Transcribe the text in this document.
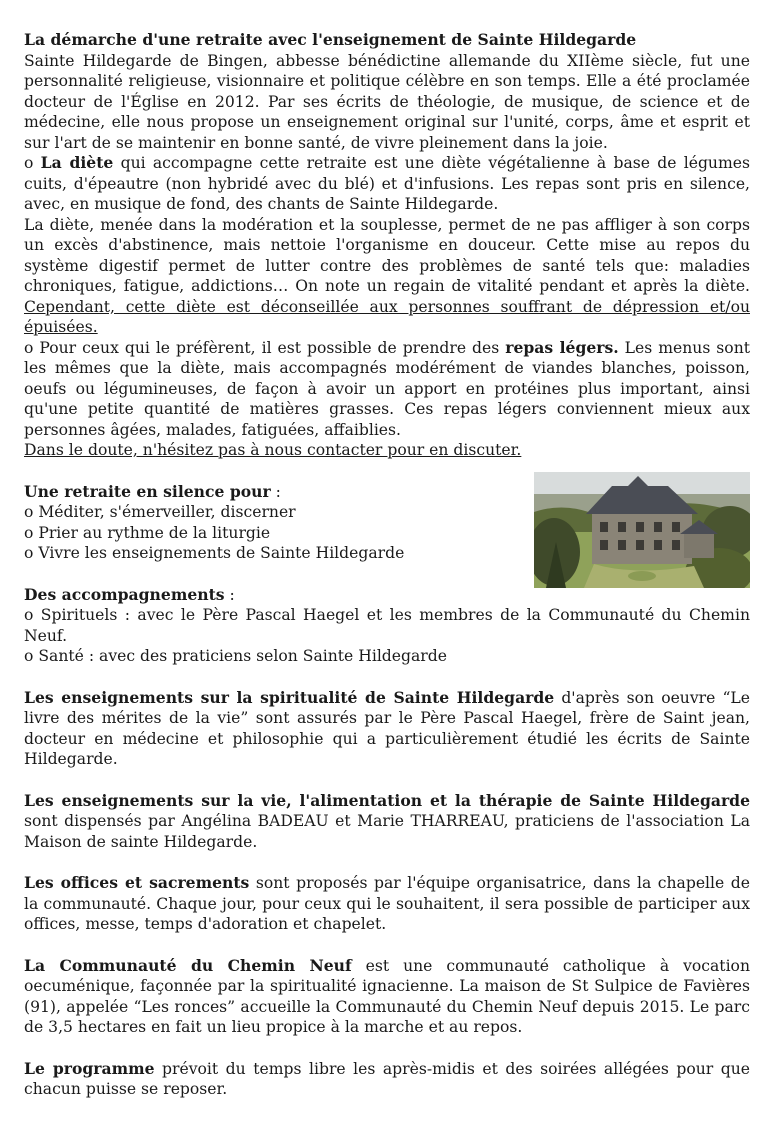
La démarche d'une retraite avec l'enseignement de Sainte Hildegarde

Sainte Hildegarde de Bingen, abbesse bénédictine allemande du XIIème siècle, fut une personnalité religieuse, visionnaire et politique célèbre en son temps. Elle a été proclamée docteur de l'Église en 2012. Par ses écrits de théologie, de musique, de science et de médecine, elle nous propose un enseignement original sur l'unité, corps, âme et esprit et sur l'art de se maintenir en bonne santé, de vivre pleinement dans la joie.

o La diète qui accompagne cette retraite est une diète végétalienne à base de légumes cuits, d'épeautre (non hybridé avec du blé) et d'infusions. Les repas sont pris en silence, avec, en musique de fond, des chants de Sainte Hildegarde.

La diète, menée dans la modération et la souplesse, permet de ne pas affliger à son corps un excès d'abstinence, mais nettoie l'organisme en douceur. Cette mise au repos du système digestif permet de lutter contre des problèmes de santé tels que: maladies chroniques, fatigue, addictions… On note un regain de vitalité pendant et après la diète. Cependant, cette diète est déconseillée aux personnes souffrant de dépression et/ou épuisées.

o Pour ceux qui le préfèrent, il est possible de prendre des repas légers. Les menus sont les mêmes que la diète, mais accompagnés modérément de viandes blanches, poisson, oeufs ou légumineuses, de façon à avoir un apport en protéines plus important, ainsi qu'une petite quantité de matières grasses. Ces repas légers conviennent mieux aux personnes âgées, malades, fatiguées, affaiblies.

Dans le doute, n'hésitez pas à nous contacter pour en discuter.

Une retraite en silence pour :

o Méditer, s'émerveiller, discerner

o Prier au rythme de la liturgie

o Vivre les enseignements de Sainte Hildegarde

Des accompagnements :

o Spirituels : avec le Père Pascal Haegel et les membres de la Communauté du Chemin Neuf.

o Santé : avec des praticiens selon Sainte Hildegarde

Les enseignements sur la spiritualité de Sainte Hildegarde d'après son oeuvre “Le livre des mérites de la vie” sont assurés par le Père Pascal Haegel, frère de Saint jean, docteur en médecine et philosophie qui a particulièrement étudié les écrits de Sainte Hildegarde.

Les enseignements sur la vie, l'alimentation et la thérapie de Sainte Hildegarde sont dispensés par Angélina BADEAU et Marie THARREAU, praticiens de l'association La Maison de sainte Hildegarde.

Les offices et sacrements sont proposés par l'équipe organisatrice, dans la chapelle de la communauté. Chaque jour, pour ceux qui le souhaitent, il sera possible de participer aux offices, messe, temps d'adoration et chapelet.

La Communauté du Chemin Neuf est une communauté catholique à vocation oecuménique, façonnée par la spiritualité ignacienne. La maison de St Sulpice de Favières (91), appelée “Les ronces” accueille la Communauté du Chemin Neuf depuis 2015. Le parc de 3,5 hectares en fait un lieu propice à la marche et au repos.

Le programme prévoit du temps libre les après-midis et des soirées allégées pour que chacun puisse se reposer.
